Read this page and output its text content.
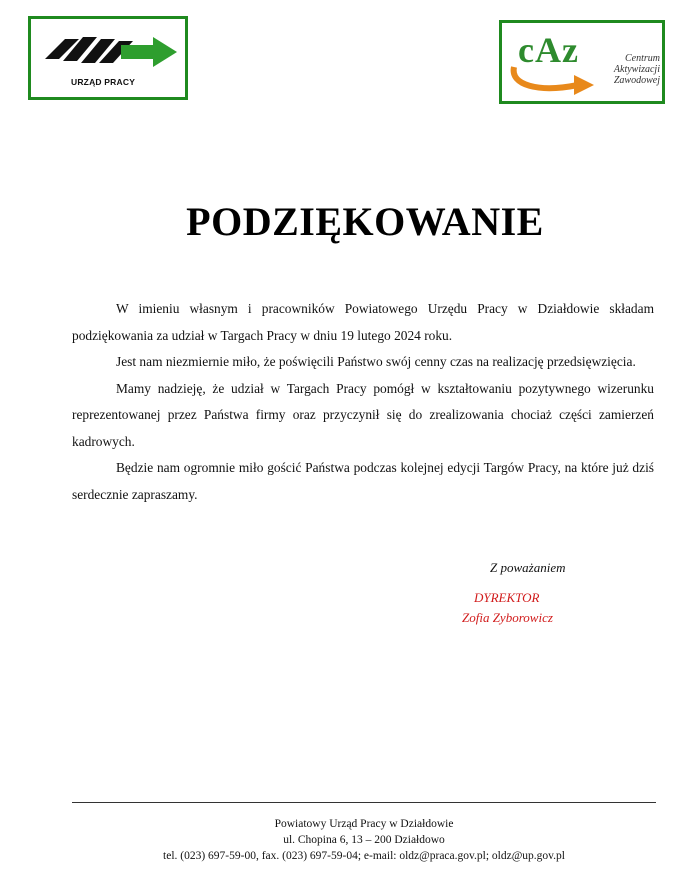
URZĄD PRACY
cAz	Centrum
Aktywizacji
Zawodowej
PODZIĘKOWANIE

W imieniu własnym i pracowników Powiatowego Urzędu Pracy w Działdowie składam podziękowania za udział w Targach Pracy w dniu 19 lutego 2024 roku.

Jest nam niezmiernie miło, że poświęcili Państwo swój cenny czas na realizację przedsięwzięcia.

Mamy nadzieję, że udział w Targach Pracy pomógł w kształtowaniu pozytywnego wizerunku reprezentowanej przez Państwa firmy oraz przyczynił się do zrealizowania chociaż części zamierzeń kadrowych.

Będzie nam ogromnie miło gościć Państwa podczas kolejnej edycji Targów Pracy, na które już dziś serdecznie zapraszamy.

Z poważaniem
DYREKTOR
Zofia Zyborowicz
Powiatowy Urząd Pracy w Działdowie
ul. Chopina 6, 13 – 200 Działdowo
tel. (023) 697-59-00, fax. (023) 697-59-04; e-mail: oldz@praca.gov.pl; oldz@up.gov.pl
